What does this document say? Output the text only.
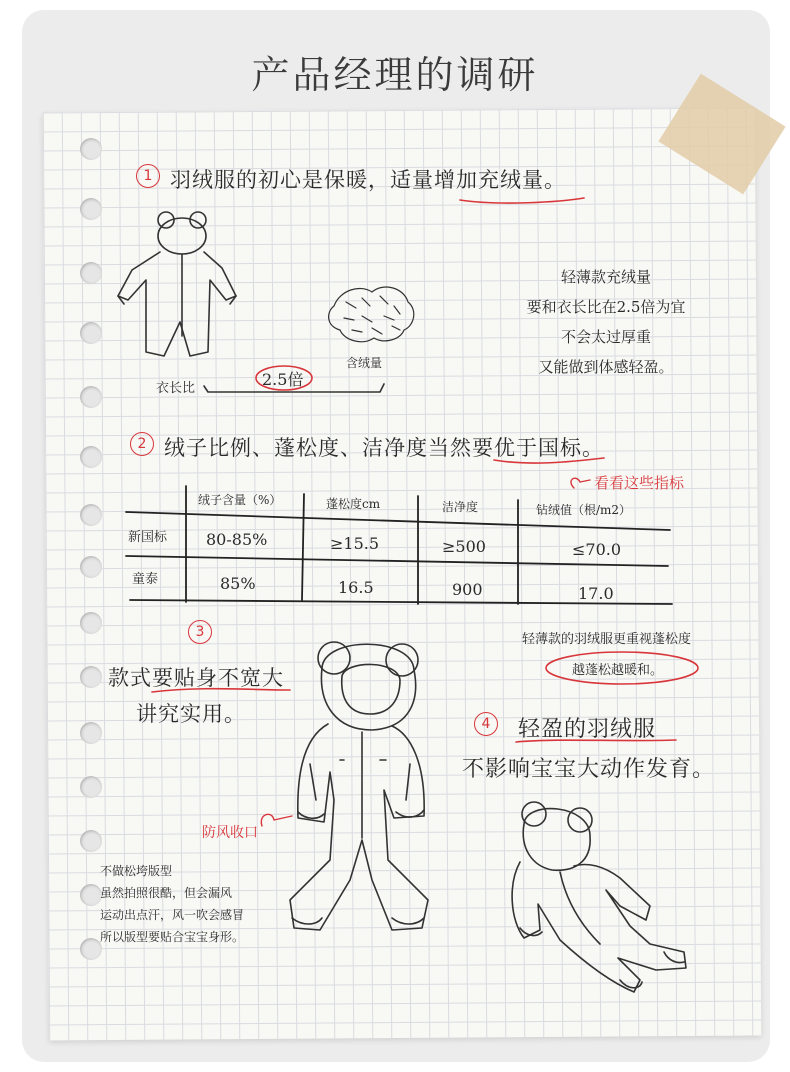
产品经理的调研
1 羽绒服的初心是保暖，适量增加充绒量。
衣长比	2.5倍
含绒量
轻薄款充绒量
要和衣长比在2.5倍为宜
不会太过厚重
又能做到体感轻盈。
2 绒子比例、蓬松度、洁净度当然要优于国标。
看看这些指标
绒子含量（%）	蓬松度cm	洁净度	钻绒值（根/m2）
新国标 80-85%	≥15.5	≥500	≤70.0
童泰	85%	16.5	900	17.0
3
款式要贴身不宽大
讲究实用。
防风收口
不做松垮版型
虽然拍照很酷，但会漏风
运动出点汗，风一吹会感冒
所以版型要贴合宝宝身形。
轻薄款的羽绒服更重视蓬松度
越蓬松越暖和。
4	轻盈的羽绒服
不影响宝宝大动作发育。
